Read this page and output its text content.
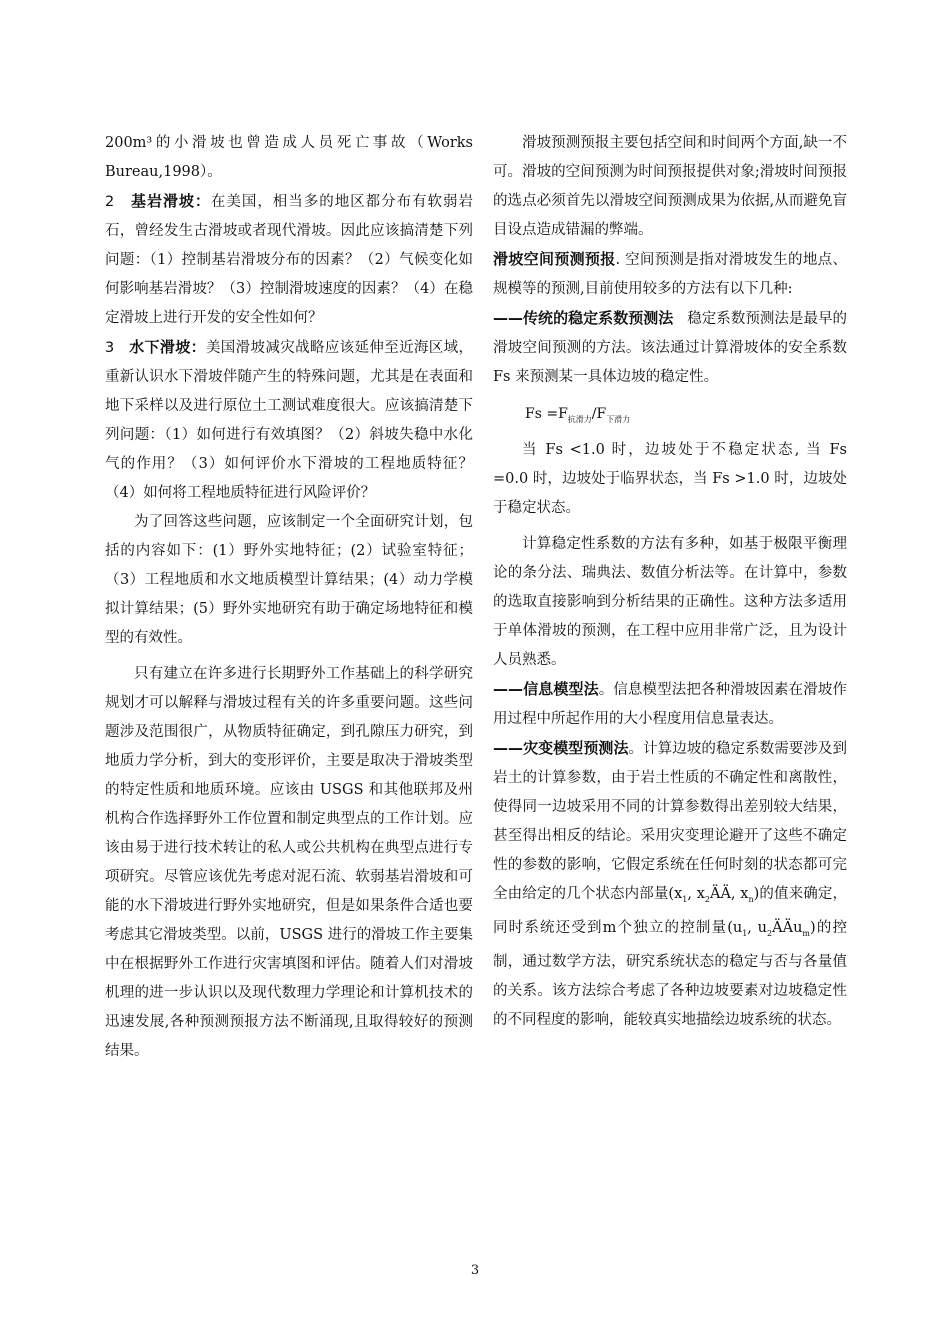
200m³的小滑坡也曾造成人员死亡事故（Works Bureau,1998）。

2 基岩滑坡：在美国，相当多的地区都分布有软弱岩石，曾经发生古滑坡或者现代滑坡。因此应该搞清楚下列问题：（1）控制基岩滑坡分布的因素？（2）气候变化如何影响基岩滑坡？（3）控制滑坡速度的因素？（4）在稳定滑坡上进行开发的安全性如何？

3 水下滑坡：美国滑坡减灾战略应该延伸至近海区域，重新认识水下滑坡伴随产生的特殊问题，尤其是在表面和地下采样以及进行原位土工测试难度很大。应该搞清楚下列问题：（1）如何进行有效填图？（2）斜坡失稳中水化气的作用？（3）如何评价水下滑坡的工程地质特征？（4）如何将工程地质特征进行风险评价？

为了回答这些问题，应该制定一个全面研究计划，包括的内容如下：(1）野外实地特征；(2）试验室特征；（3）工程地质和水文地质模型计算结果；(4）动力学模拟计算结果；(5）野外实地研究有助于确定场地特征和模型的有效性。

只有建立在许多进行长期野外工作基础上的科学研究规划才可以解释与滑坡过程有关的许多重要问题。这些问题涉及范围很广，从物质特征确定，到孔隙压力研究，到地质力学分析，到大的变形评价，主要是取决于滑坡类型的特定性质和地质环境。应该由 USGS 和其他联邦及州机构合作选择野外工作位置和制定典型点的工作计划。应该由易于进行技术转让的私人或公共机构在典型点进行专项研究。尽管应该优先考虑对泥石流、软弱基岩滑坡和可能的水下滑坡进行野外实地研究，但是如果条件合适也要考虑其它滑坡类型。以前，USGS 进行的滑坡工作主要集中在根据野外工作进行灾害填图和评估。随着人们对滑坡机理的进一步认识以及现代数理力学理论和计算机技术的迅速发展,各种预测预报方法不断涌现,且取得较好的预测结果。

滑坡预测预报主要包括空间和时间两个方面,缺一不可。滑坡的空间预测为时间预报提供对象;滑坡时间预报的选点必须首先以滑坡空间预测成果为依据,从而避免盲目设点造成错漏的弊端。

滑坡空间预测预报. 空间预测是指对滑坡发生的地点、规模等的预测,目前使用较多的方法有以下几种:

——传统的稳定系数预测法 稳定系数预测法是最早的滑坡空间预测的方法。该法通过计算滑坡体的安全系数 Fs 来预测某一具体边坡的稳定性。

$Fs =F_{抗滑力}/F_{下滑力}$

当 Fs <1.0 时，边坡处于不稳定状态, 当 Fs =0.0 时，边坡处于临界状态，当 Fs >1.0 时，边坡处于稳定状态。

计算稳定性系数的方法有多种，如基于极限平衡理论的条分法、瑞典法、数值分析法等。在计算中，参数的选取直接影响到分析结果的正确性。这种方法多适用于单体滑坡的预测，在工程中应用非常广泛，且为设计人员熟悉。

——信息模型法。信息模型法把各种滑坡因素在滑坡作用过程中所起作用的大小程度用信息量表达。

——灾变模型预测法。计算边坡的稳定系数需要涉及到岩土的计算参数，由于岩土性质的不确定性和离散性，使得同一边坡采用不同的计算参数得出差别较大结果，甚至得出相反的结论。采用灾变理论避开了这些不确定性的参数的影响，它假定系统在任何时刻的状态都可完全由给定的几个状态内部量($x_1$, $x_2ÄÄ$, $x_n$)的值来确定，同时系统还受到m个独立的控制量($u_1$, $u_2ÄÄu_m$)的控制，通过数学方法，研究系统状态的稳定与否与各量值的关系。该方法综合考虑了各种边坡要素对边坡稳定性的不同程度的影响，能较真实地描绘边坡系统的状态。

3
